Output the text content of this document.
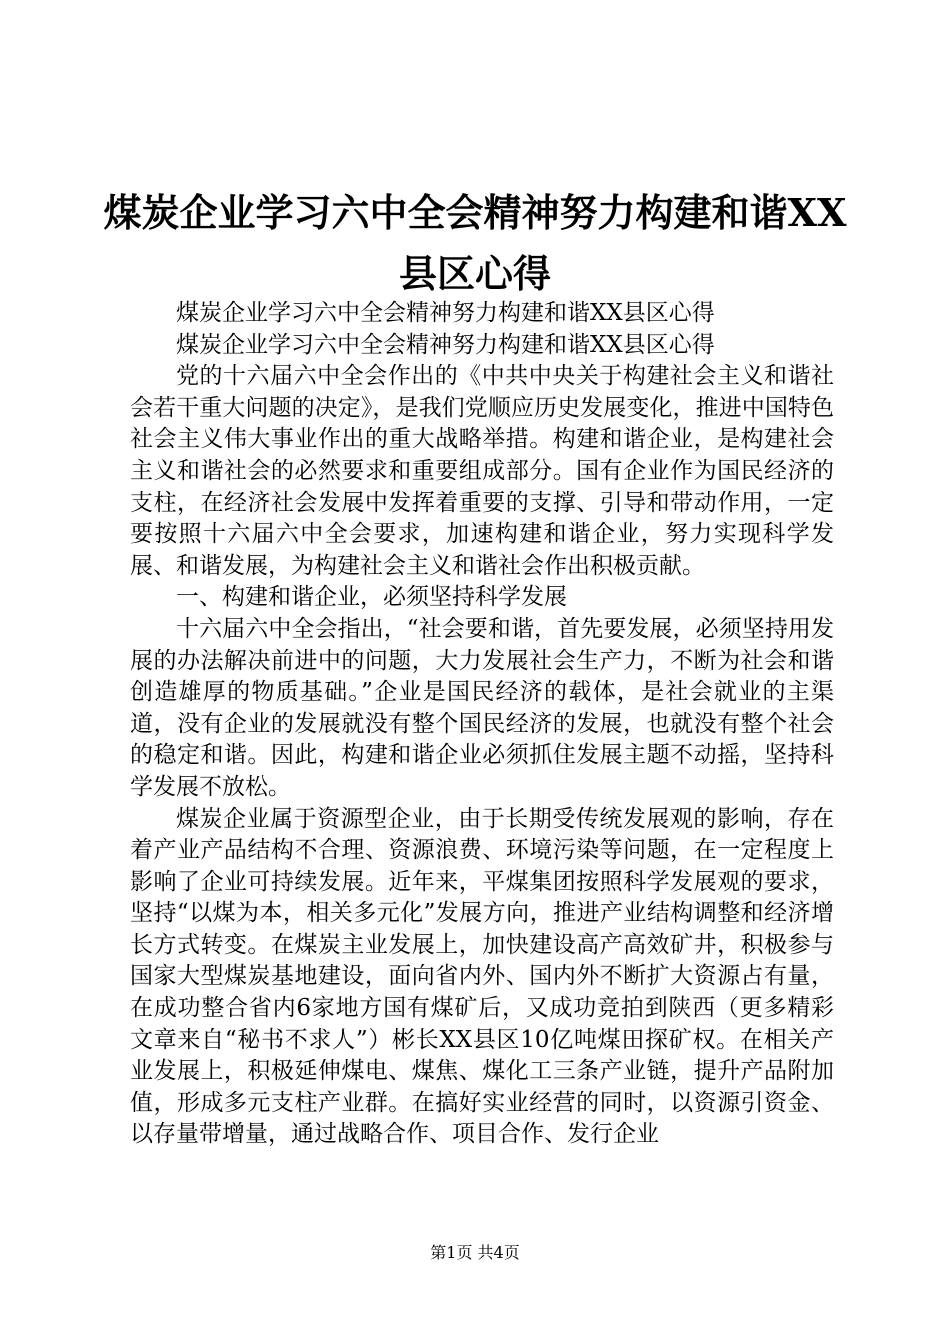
煤炭企业学习六中全会精神努力构建和谐XX
县区心得

煤炭企业学习六中全会精神努力构建和谐XX县区心得

煤炭企业学习六中全会精神努力构建和谐XX县区心得

党的十六届六中全会作出的《中共中央关于构建社会主义和谐社会若干重大问题的决定》，是我们党顺应历史发展变化，推进中国特色社会主义伟大事业作出的重大战略举措。构建和谐企业，是构建社会主义和谐社会的必然要求和重要组成部分。国有企业作为国民经济的支柱，在经济社会发展中发挥着重要的支撑、引导和带动作用，一定要按照十六届六中全会要求，加速构建和谐企业，努力实现科学发展、和谐发展，为构建社会主义和谐社会作出积极贡献。

一、构建和谐企业，必须坚持科学发展

十六届六中全会指出，“社会要和谐，首先要发展，必须坚持用发展的办法解决前进中的问题，大力发展社会生产力，不断为社会和谐创造雄厚的物质基础。”企业是国民经济的载体，是社会就业的主渠道，没有企业的发展就没有整个国民经济的发展，也就没有整个社会的稳定和谐。因此，构建和谐企业必须抓住发展主题不动摇，坚持科学发展不放松。

煤炭企业属于资源型企业，由于长期受传统发展观的影响，存在着产业产品结构不合理、资源浪费、环境污染等问题，在一定程度上影响了企业可持续发展。近年来，平煤集团按照科学发展观的要求，坚持“以煤为本，相关多元化”发展方向，推进产业结构调整和经济增长方式转变。在煤炭主业发展上，加快建设高产高效矿井，积极参与国家大型煤炭基地建设，面向省内外、国内外不断扩大资源占有量，在成功整合省内6家地方国有煤矿后，又成功竞拍到陕西（更多精彩文章来自“秘书不求人”）彬长XX县区10亿吨煤田探矿权。在相关产业发展上，积极延伸煤电、煤焦、煤化工三条产业链，提升产品附加值，形成多元支柱产业群。在搞好实业经营的同时，以资源引资金、以存量带增量，通过战略合作、项目合作、发行企业

第1页 共4页
